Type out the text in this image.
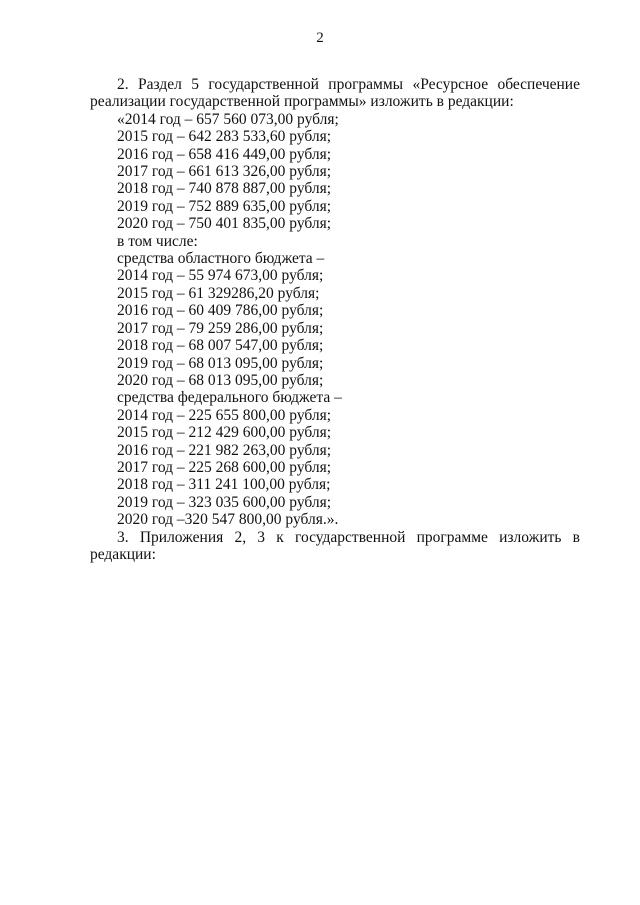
2

2. Раздел 5 государственной программы «Ресурсное обеспечение реализации государственной программы» изложить в редакции:

«2014 год – 657 560 073,00 рубля;
2015 год – 642 283 533,60 рубля;
2016 год – 658 416 449,00 рубля;
2017 год – 661 613 326,00 рубля;
2018 год – 740 878 887,00 рубля;
2019 год – 752 889 635,00 рубля;
2020 год – 750 401 835,00 рубля;
в том числе:
средства областного бюджета –
2014 год – 55 974 673,00 рубля;
2015 год – 61 329286,20 рубля;
2016 год – 60 409 786,00 рубля;
2017 год – 79 259 286,00 рубля;
2018 год – 68 007 547,00 рубля;
2019 год – 68 013 095,00 рубля;
2020 год – 68 013 095,00 рубля;
средства федерального бюджета –
2014 год – 225 655 800,00 рубля;
2015 год – 212 429 600,00 рубля;
2016 год – 221 982 263,00 рубля;
2017 год – 225 268 600,00 рубля;
2018 год – 311 241 100,00 рубля;
2019 год – 323 035 600,00 рубля;
2020 год –320 547 800,00 рубля.».

3. Приложения 2, 3 к государственной программе изложить в редакции:
